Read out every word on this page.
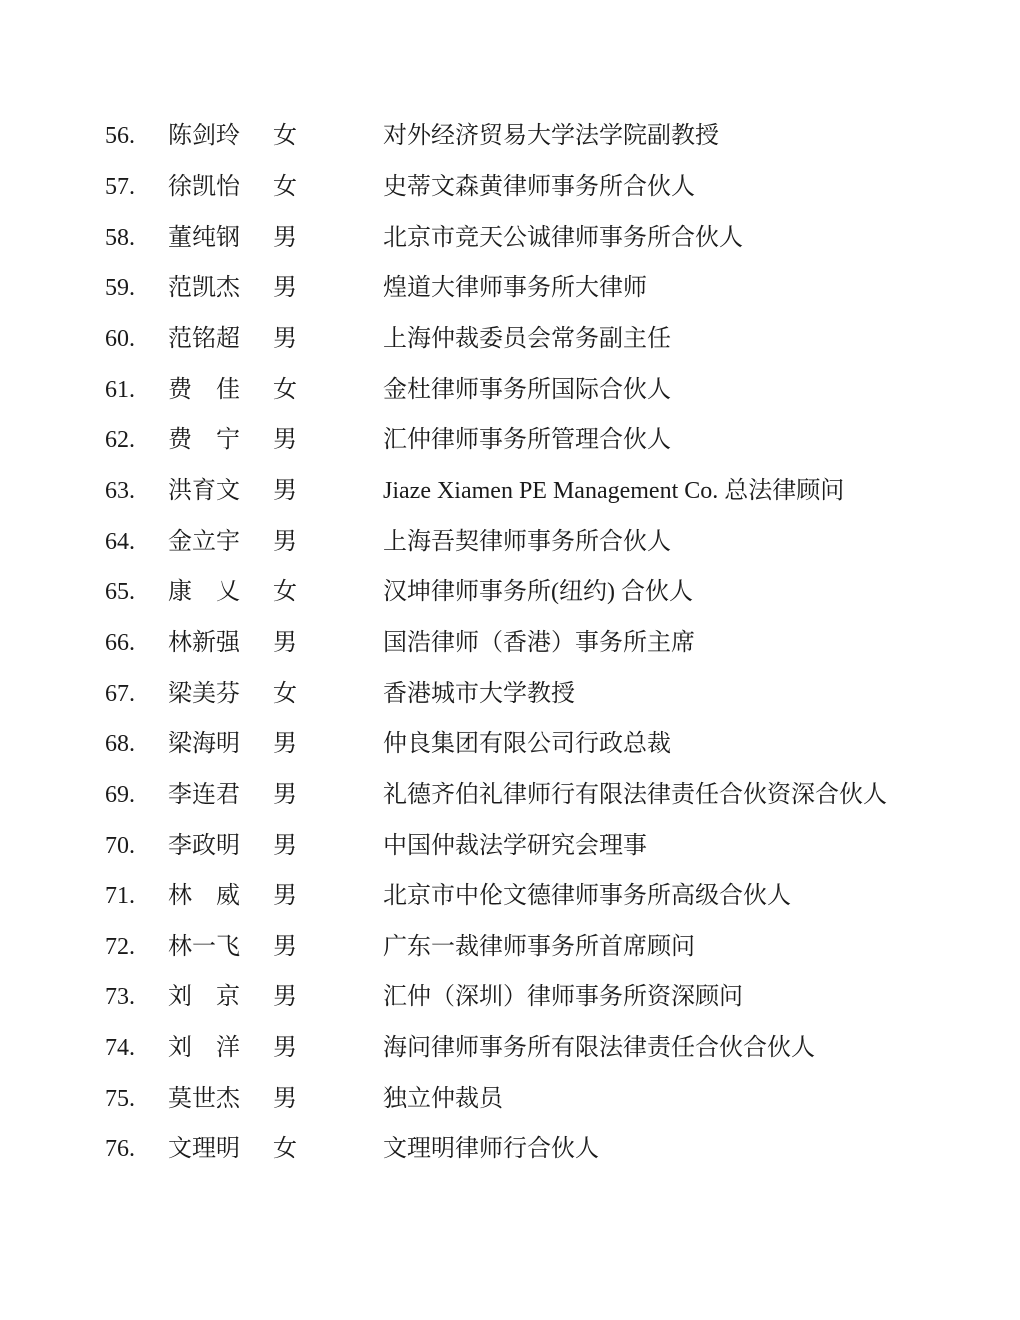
56.	陈剑玲	女	对外经济贸易大学法学院副教授
57.	徐凯怡	女	史蒂文森黄律师事务所合伙人
58.	董纯钢	男	北京市竞天公诚律师事务所合伙人
59.	范凯杰	男	煌道大律师事务所大律师
60.	范铭超	男	上海仲裁委员会常务副主任
61.	费　佳	女	金杜律师事务所国际合伙人
62.	费　宁	男	汇仲律师事务所管理合伙人
63.	洪育文	男	Jiaze Xiamen PE Management Co. 总法律顾问
64.	金立宇	男	上海吾契律师事务所合伙人
65.	康　乂	女	汉坤律师事务所(纽约) 合伙人
66.	林新强	男	国浩律师（香港）事务所主席
67.	梁美芬	女	香港城市大学教授
68.	梁海明	男	仲良集团有限公司行政总裁
69.	李连君	男	礼德齐伯礼律师行有限法律责任合伙资深合伙人
70.	李政明	男	中国仲裁法学研究会理事
71.	林　威	男	北京市中伦文德律师事务所高级合伙人
72.	林一飞	男	广东一裁律师事务所首席顾问
73.	刘　京	男	汇仲（深圳）律师事务所资深顾问
74.	刘　洋	男	海问律师事务所有限法律责任合伙合伙人
75.	莫世杰	男	独立仲裁员
76.	文理明	女	文理明律师行合伙人
